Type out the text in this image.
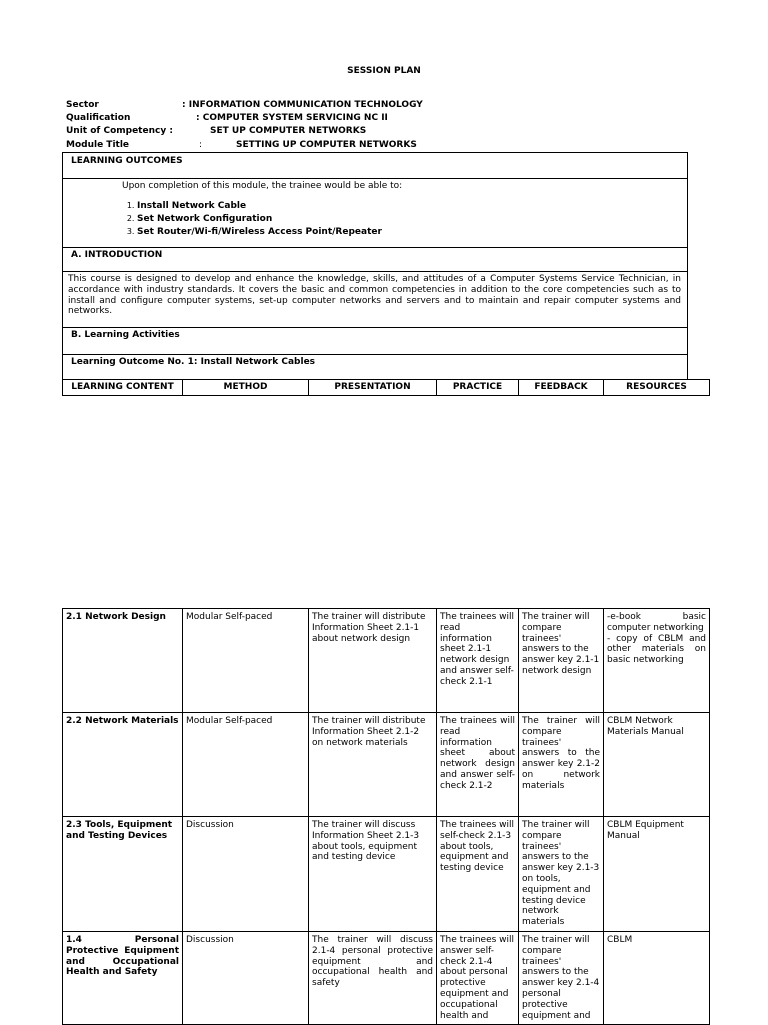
SESSION PLAN
Sector	: INFORMATION COMMUNICATION TECHNOLOGY
Qualification	: COMPUTER SYSTEM SERVICING NC II
Unit of Competency :	SET UP COMPUTER NETWORKS
Module Title	:	SETTING UP COMPUTER NETWORKS
LEARNING OUTCOMES
Upon completion of this module, the trainee would be able to:
1. Install Network Cable
2. Set Network Configuration
3. Set Router/Wi-fi/Wireless Access Point/Repeater
A. INTRODUCTION
This course is designed to develop and enhance the knowledge, skills, and attitudes of a Computer Systems Service Technician, in accordance with industry standards. It covers the basic and common competencies in addition to the core competencies such as to install and configure computer systems, set-up computer networks and servers and to maintain and repair computer systems and networks.
B. Learning Activities
Learning Outcome No. 1: Install Network Cables
LEARNING CONTENT	METHOD	PRESENTATION	PRACTICE	FEEDBACK	RESOURCES
2.1 Network Design	Modular Self-paced	The trainer will distribute Information Sheet 2.1-1 about network design	The trainees will read information sheet 2.1-1 network design and answer self-check 2.1-1	The trainer will compare trainees' answers to the answer key 2.1-1 network design	-e-book basic computer networking
- copy of CBLM and other materials on basic networking
2.2 Network Materials	Modular Self-paced	The trainer will distribute Information Sheet 2.1-2 on network materials	The trainees will read information sheet about network design and answer self-check 2.1-2	The trainer will compare trainees' answers to the answer key 2.1-2 on network materials	CBLM Network Materials Manual
2.3 Tools, Equipment and Testing Devices	Discussion	The trainer will discuss Information Sheet 2.1-3 about tools, equipment and testing device	The trainees will self-check 2.1-3 about tools, equipment and testing device	The trainer will compare trainees' answers to the answer key 2.1-3 on tools, equipment and testing device network materials	CBLM Equipment Manual
1.4 Personal Protective Equipment and Occupational Health and Safety	Discussion	The trainer will discuss 2.1-4 personal protective equipment and occupational health and safety	The trainees will answer self-check 2.1-4 about personal protective equipment and occupational health and	The trainer will compare trainees' answers to the answer key 2.1-4 personal protective equipment and	CBLM
